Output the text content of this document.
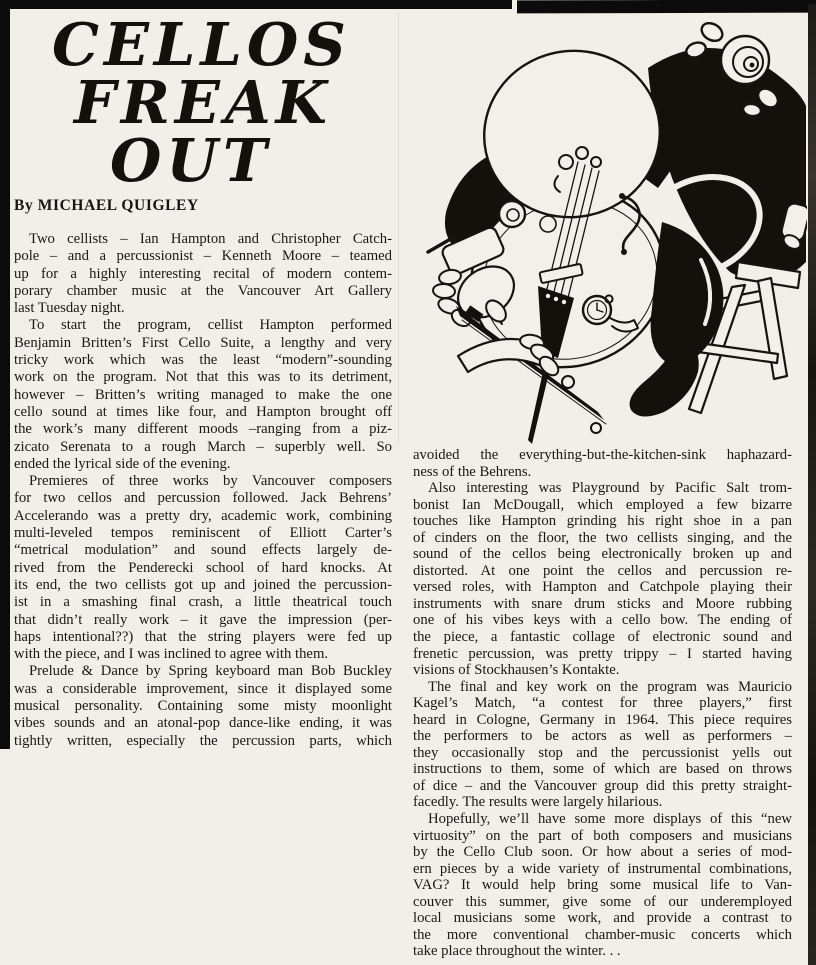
CELLOS
FREAK
OUT
By MICHAEL QUIGLEY
Two cellists – Ian Hampton and Christopher Catch-
pole – and a percussionist – Kenneth Moore – teamed
up for a highly interesting recital of modern contem-
porary chamber music at the Vancouver Art Gallery
last Tuesday night.
To start the program, cellist Hampton performed
Benjamin Britten’s First Cello Suite, a lengthy and very
tricky work which was the least “modern”-sounding
work on the program. Not that this was to its detriment,
however – Britten’s writing managed to make the one
cello sound at times like four, and Hampton brought off
the work’s many different moods –ranging from a piz-
zicato Serenata to a rough March – superbly well. So
ended the lyrical side of the evening.
Premieres of three works by Vancouver composers
for two cellos and percussion followed. Jack Behrens’
Accelerando was a pretty dry, academic work, combining
multi-leveled tempos reminiscent of Elliott Carter’s
“metrical modulation” and sound effects largely de-
rived from the Penderecki school of hard knocks. At
its end, the two cellists got up and joined the percussion-
ist in a smashing final crash, a little theatrical touch
that didn’t really work – it gave the impression (per-
haps intentional??) that the string players were fed up
with the piece, and I was inclined to agree with them.
Prelude & Dance by Spring keyboard man Bob Buckley
was a considerable improvement, since it displayed some
musical personality. Containing some misty moonlight
vibes sounds and an atonal-pop dance-like ending, it was
tightly written, especially the percussion parts, which
avoided the everything-but-the-kitchen-sink haphazard-
ness of the Behrens.
Also interesting was Playground by Pacific Salt trom-
bonist Ian McDougall, which employed a few bizarre
touches like Hampton grinding his right shoe in a pan
of cinders on the floor, the two cellists singing, and the
sound of the cellos being electronically broken up and
distorted. At one point the cellos and percussion re-
versed roles, with Hampton and Catchpole playing their
instruments with snare drum sticks and Moore rubbing
one of his vibes keys with a cello bow. The ending of
the piece, a fantastic collage of electronic sound and
frenetic percussion, was pretty trippy – I started having
visions of Stockhausen’s Kontakte.
The final and key work on the program was Mauricio
Kagel’s Match, “a contest for three players,” first
heard in Cologne, Germany in 1964. This piece requires
the performers to be actors as well as performers –
they occasionally stop and the percussionist yells out
instructions to them, some of which are based on throws
of dice – and the Vancouver group did this pretty straight-
facedly. The results were largely hilarious.
Hopefully, we’ll have some more displays of this “new
virtuosity” on the part of both composers and musicians
by the Cello Club soon. Or how about a series of mod-
ern pieces by a wide variety of instrumental combinations,
VAG? It would help bring some musical life to Van-
couver this summer, give some of our underemployed
local musicians some work, and provide a contrast to
the more conventional chamber-music concerts which
take place throughout the winter. . .
